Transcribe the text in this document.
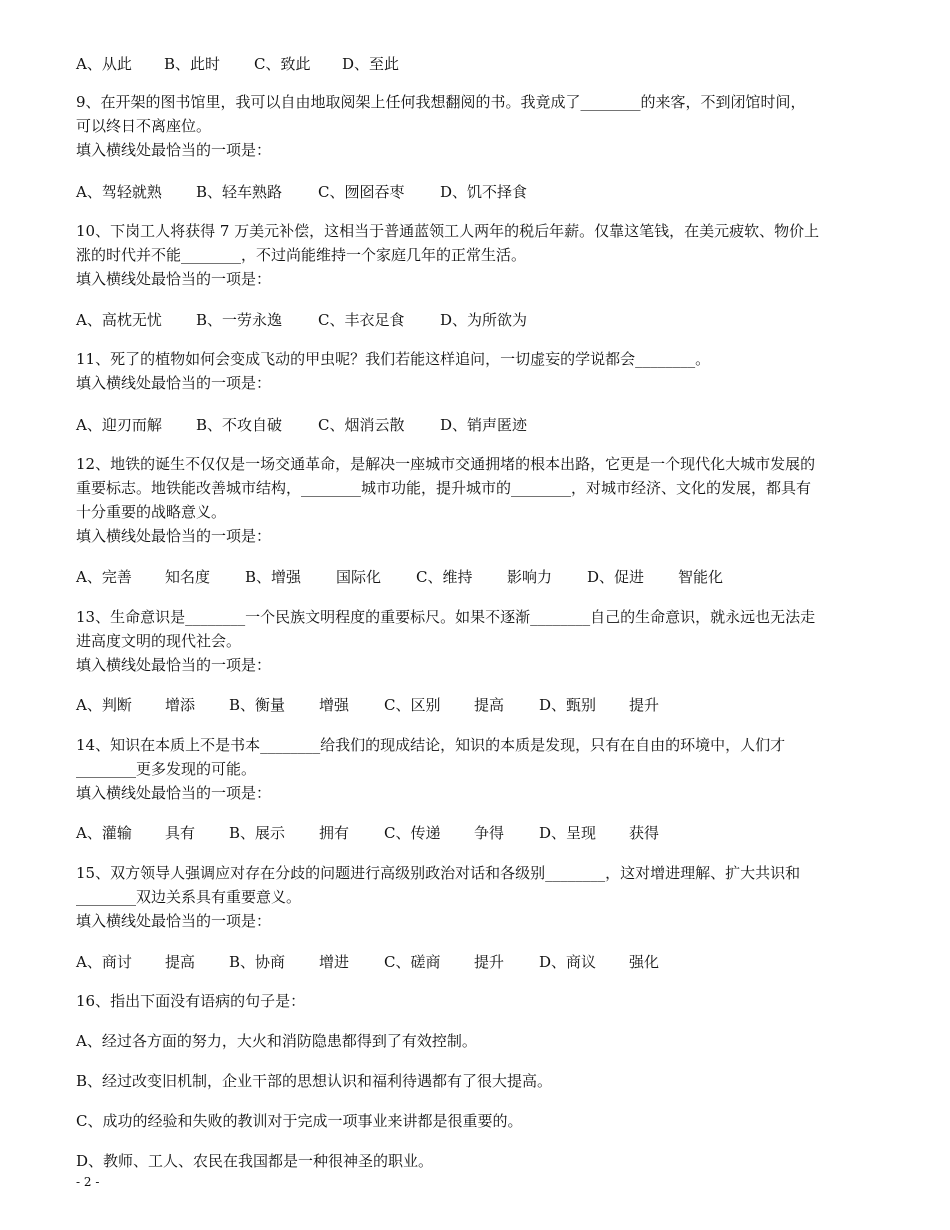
A、从此 B、此时 C、致此 D、至此
9、在开架的图书馆里，我可以自由地取阅架上任何我想翻阅的书。我竟成了________的来客，不到闭馆时间，
可以终日不离座位。
填入横线处最恰当的一项是：
A、驾轻就熟 B、轻车熟路 C、囫囵吞枣 D、饥不择食
10、下岗工人将获得 7 万美元补偿，这相当于普通蓝领工人两年的税后年薪。仅靠这笔钱，在美元疲软、物价上
涨的时代并不能________，不过尚能维持一个家庭几年的正常生活。
填入横线处最恰当的一项是：
A、高枕无忧 B、一劳永逸 C、丰衣足食 D、为所欲为
11、死了的植物如何会变成飞动的甲虫呢？我们若能这样追问，一切虚妄的学说都会________。
填入横线处最恰当的一项是：
A、迎刃而解 B、不攻自破 C、烟消云散 D、销声匿迹
12、地铁的诞生不仅仅是一场交通革命，是解决一座城市交通拥堵的根本出路，它更是一个现代化大城市发展的
重要标志。地铁能改善城市结构，________城市功能，提升城市的________，对城市经济、文化的发展，都具有
十分重要的战略意义。
填入横线处最恰当的一项是：
A、完善 知名度 B、增强 国际化 C、维持 影响力 D、促进 智能化
13、生命意识是________一个民族文明程度的重要标尺。如果不逐渐________自己的生命意识，就永远也无法走
进高度文明的现代社会。
填入横线处最恰当的一项是：
A、判断 增添 B、衡量 增强 C、区别 提高 D、甄别 提升
14、知识在本质上不是书本________给我们的现成结论，知识的本质是发现，只有在自由的环境中，人们才
________更多发现的可能。
填入横线处最恰当的一项是：
A、灌输 具有 B、展示 拥有 C、传递 争得 D、呈现 获得
15、双方领导人强调应对存在分歧的问题进行高级别政治对话和各级别________，这对增进理解、扩大共识和
________双边关系具有重要意义。
填入横线处最恰当的一项是：
A、商讨 提高 B、协商 增进 C、磋商 提升 D、商议 强化
16、指出下面没有语病的句子是：
A、经过各方面的努力，大火和消防隐患都得到了有效控制。
B、经过改变旧机制，企业干部的思想认识和福利待遇都有了很大提高。
C、成功的经验和失败的教训对于完成一项事业来讲都是很重要的。
D、教师、工人、农民在我国都是一种很神圣的职业。
- 2 -
